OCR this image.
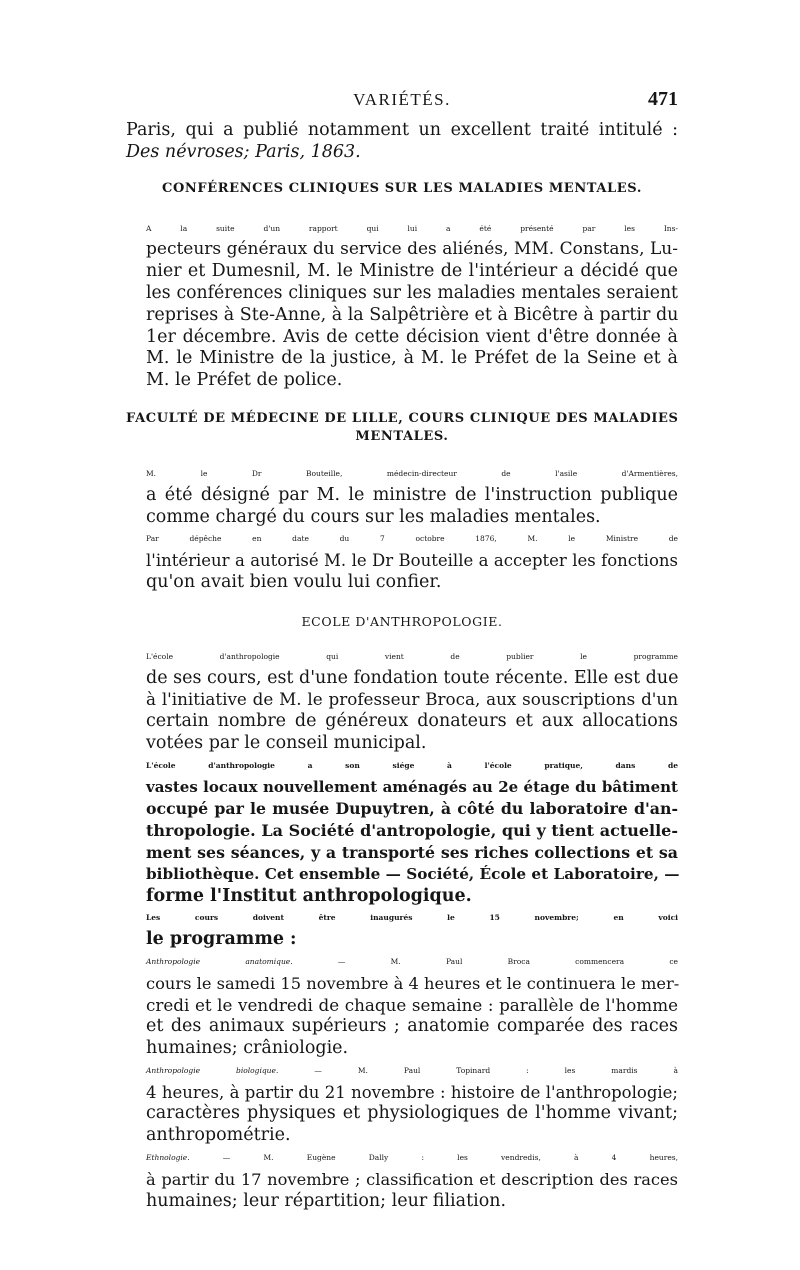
VARIÉTÉS.	471

Paris, qui a publié notamment un excellent traité intitulé :
Des névroses; Paris, 1863.

CONFÉRENCES CLINIQUES SUR LES MALADIES MENTALES.

A la suite d'un rapport qui lui a été présenté par les Ins-
pecteurs généraux du service des aliénés, MM. Constans, Lu-
nier et Dumesnil, M. le Ministre de l'intérieur a décidé que
les conférences cliniques sur les maladies mentales seraient
reprises à Ste-Anne, à la Salpêtrière et à Bicêtre à partir du
1er décembre. Avis de cette décision vient d'être donnée à
M. le Ministre de la justice, à M. le Préfet de la Seine et à
M. le Préfet de police.

FACULTÉ DE MÉDECINE DE LILLE, COURS CLINIQUE DES MALADIES
MENTALES.

M. le Dr Bouteille, médecin-directeur de l'asile d'Armentières,
a été désigné par M. le ministre de l'instruction publique
comme chargé du cours sur les maladies mentales.

Par dépêche en date du 7 octobre 1876, M. le Ministre de
l'intérieur a autorisé M. le Dr Bouteille a accepter les fonctions
qu'on avait bien voulu lui confier.

ECOLE D'ANTHROPOLOGIE.

L'école d'anthropologie qui vient de publier le programme
de ses cours, est d'une fondation toute récente. Elle est due
à l'initiative de M. le professeur Broca, aux souscriptions d'un
certain nombre de généreux donateurs et aux allocations
votées par le conseil municipal.

L'école d'anthropologie a son siége à l'école pratique, dans de
vastes locaux nouvellement aménagés au 2e étage du bâtiment
occupé par le musée Dupuytren, à côté du laboratoire d'an-
thropologie. La Société d'antropologie, qui y tient actuelle-
ment ses séances, y a transporté ses riches collections et sa
bibliothèque. Cet ensemble — Société, École et Laboratoire, —
forme l'Institut anthropologique.

Les cours doivent être inaugurés le 15 novembre; en voici
le programme :

Anthropologie anatomique. — M. Paul Broca commencera ce
cours le samedi 15 novembre à 4 heures et le continuera le mer-
credi et le vendredi de chaque semaine : parallèle de l'homme
et des animaux supérieurs ; anatomie comparée des races
humaines; crâniologie.

Anthropologie biologique. — M. Paul Topinard : les mardis à
4 heures, à partir du 21 novembre : histoire de l'anthropologie;
caractères physiques et physiologiques de l'homme vivant;
anthropométrie.

Ethnologie. — M. Eugène Dally : les vendredis, à 4 heures,
à partir du 17 novembre ; classification et description des races
humaines; leur répartition; leur filiation.
